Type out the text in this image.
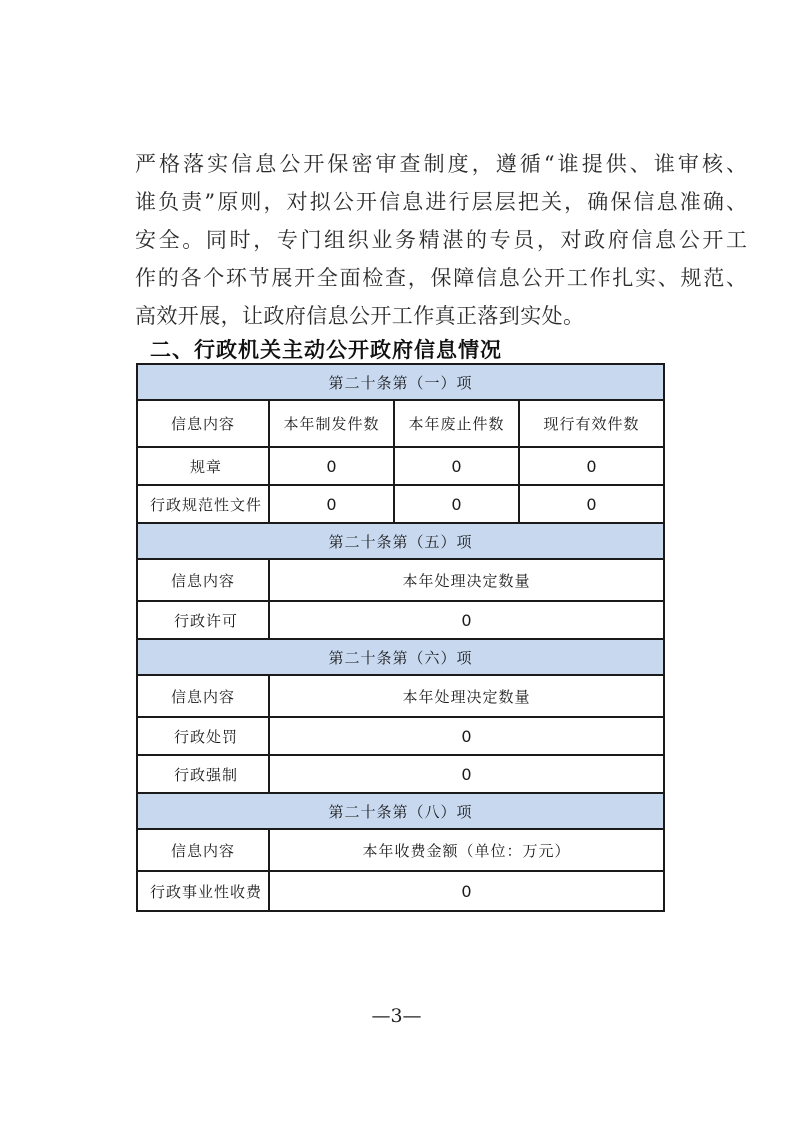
严格落实信息公开保密审查制度，遵循“谁提供、谁审核、
谁负责”原则，对拟公开信息进行层层把关，确保信息准确、
安全。同时，专门组织业务精湛的专员，对政府信息公开工
作的各个环节展开全面检查，保障信息公开工作扎实、规范、
高效开展，让政府信息公开工作真正落到实处。
二、行政机关主动公开政府信息情况
第二十条第（一）项			
信息内容	本年制发件数	本年废止件数	现行有效件数
规章	0	0	0
行政规范性文件	0	0	0
第二十条第（五）项			
信息内容	本年处理决定数量		
行政许可	0		
第二十条第（六）项			
信息内容	本年处理决定数量		
行政处罚	0		
行政强制	0		
第二十条第（八）项			
信息内容	本年收费金额（单位：万元）		
行政事业性收费	0		
—3—
